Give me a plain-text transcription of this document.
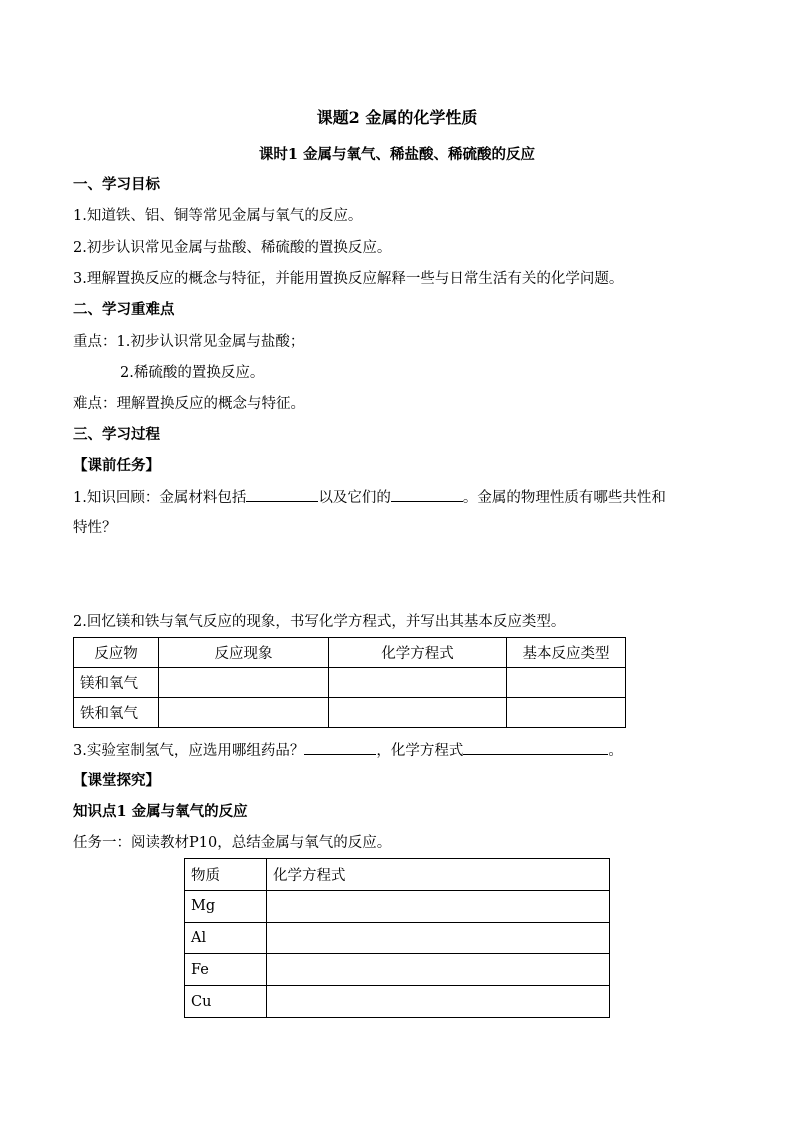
课题2 金属的化学性质
课时1 金属与氧气、稀盐酸、稀硫酸的反应
一、学习目标
1.知道铁、铝、铜等常见金属与氧气的反应。
2.初步认识常见金属与盐酸、稀硫酸的置换反应。
3.理解置换反应的概念与特征，并能用置换反应解释一些与日常生活有关的化学问题。
二、学习重难点
重点：1.初步认识常见金属与盐酸；
2.稀硫酸的置换反应。
难点：理解置换反应的概念与特征。
三、学习过程
【课前任务】
1.知识回顾：金属材料包括	以及它们的	。金属的物理性质有哪些共性和
特性？
2.回忆镁和铁与氧气反应的现象，书写化学方程式，并写出其基本反应类型。
反应物	反应现象	化学方程式	基本反应类型
镁和氧气			
铁和氧气			
3.实验室制氢气，应选用哪组药品？	，化学方程式	。
【课堂探究】
知识点1 金属与氧气的反应
任务一：阅读教材P10，总结金属与氧气的反应。
物质	化学方程式
Mg	
Al	
Fe	
Cu	
